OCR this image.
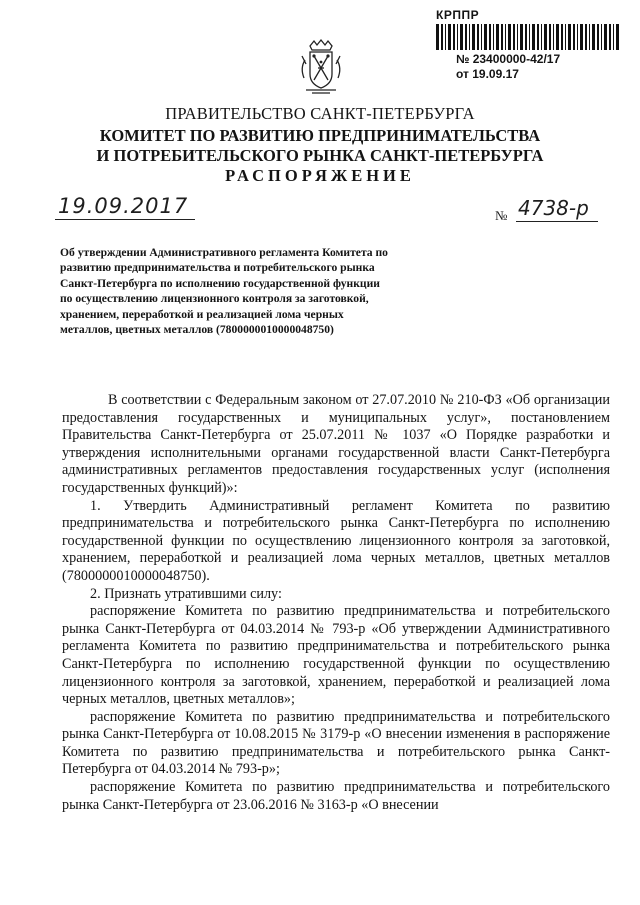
КРППР
№ 23400000-42/17
от 19.09.17
ПРАВИТЕЛЬСТВО САНКТ-ПЕТЕРБУРГА
КОМИТЕТ ПО РАЗВИТИЮ ПРЕДПРИНИМАТЕЛЬСТВА
И ПОТРЕБИТЕЛЬСКОГО РЫНКА САНКТ-ПЕТЕРБУРГА
РАСПОРЯЖЕНИЕ
19.09.2017	№ 4738-р
Об утверждении Административного регламента Комитета по развитию предпринимательства и потребительского рынка Санкт-Петербурга по исполнению государственной функции по осуществлению лицензионного контроля за заготовкой, хранением, переработкой и реализацией лома черных металлов, цветных металлов (7800000010000048750)

В соответствии с Федеральным законом от 27.07.2010 № 210-ФЗ «Об организации предоставления государственных и муниципальных услуг», постановлением Правительства Санкт-Петербурга от 25.07.2011 № 1037 «О Порядке разработки и утверждения исполнительными органами государственной власти Санкт-Петербурга административных регламентов предоставления государственных услуг (исполнения государственных функций)»:

1. Утвердить Административный регламент Комитета по развитию предпринимательства и потребительского рынка Санкт-Петербурга по исполнению государственной функции по осуществлению лицензионного контроля за заготовкой, хранением, переработкой и реализацией лома черных металлов, цветных металлов (7800000010000048750).

2. Признать утратившими силу:

распоряжение Комитета по развитию предпринимательства и потребительского рынка Санкт-Петербурга от 04.03.2014 № 793-р «Об утверждении Административного регламента Комитета по развитию предпринимательства и потребительского рынка Санкт-Петербурга по исполнению государственной функции по осуществлению лицензионного контроля за заготовкой, хранением, переработкой и реализацией лома черных металлов, цветных металлов»;

распоряжение Комитета по развитию предпринимательства и потребительского рынка Санкт-Петербурга от 10.08.2015 № 3179-р «О внесении изменения в распоряжение Комитета по развитию предпринимательства и потребительского рынка Санкт-Петербурга от 04.03.2014 № 793-р»;

распоряжение Комитета по развитию предпринимательства и потребительского рынка Санкт-Петербурга от 23.06.2016 № 3163-р «О внесении
